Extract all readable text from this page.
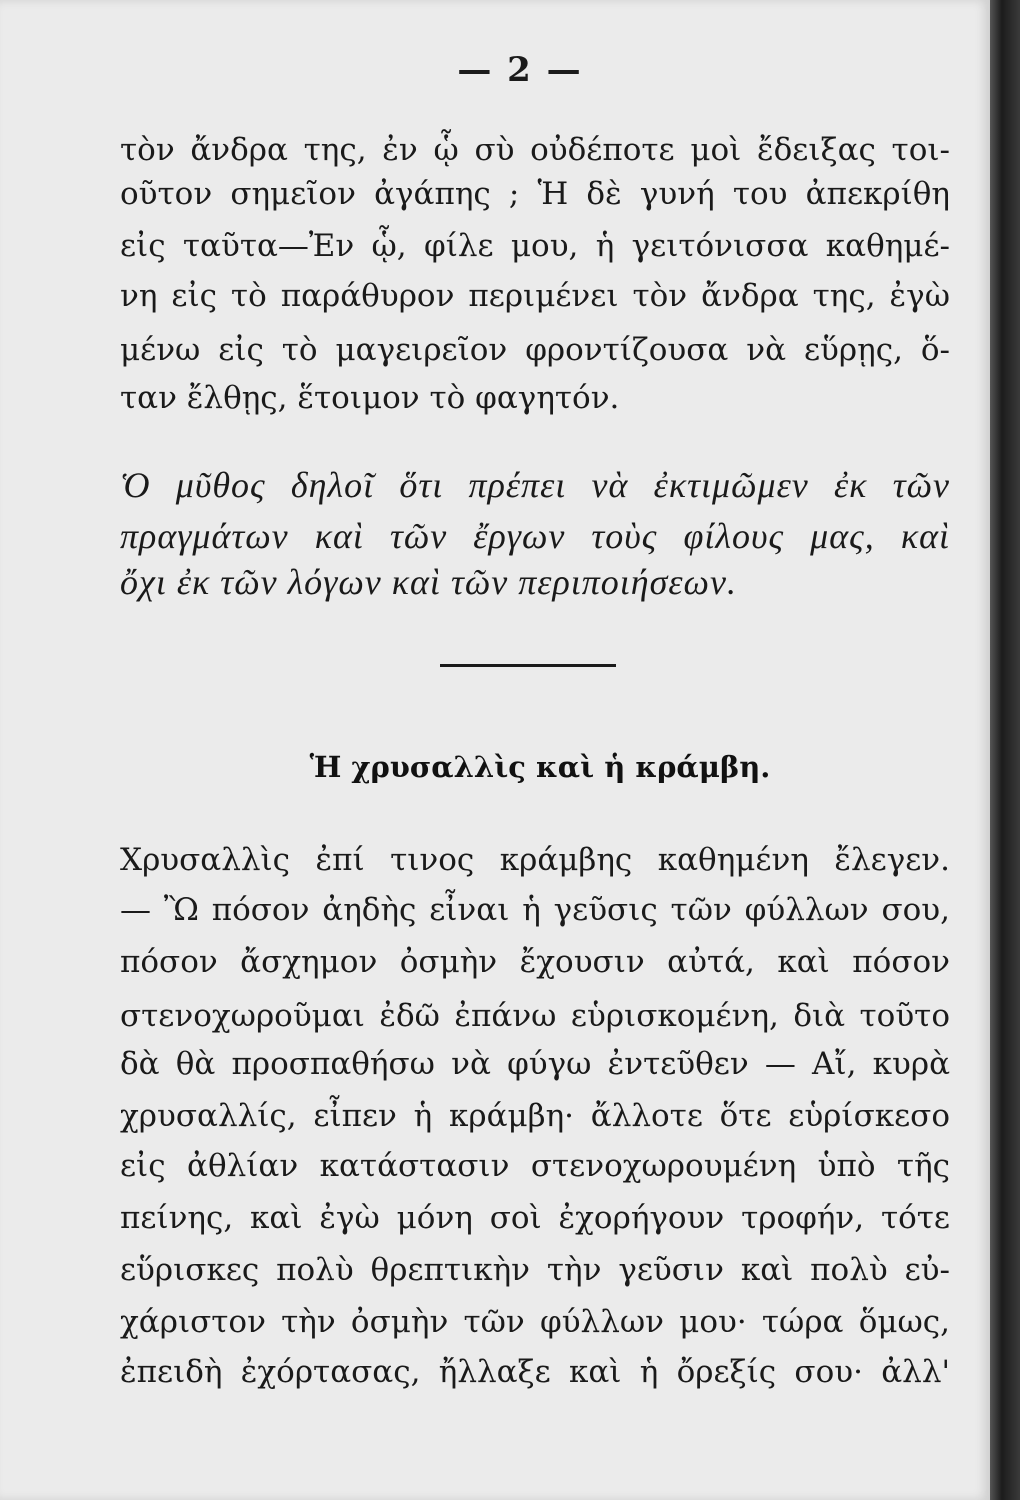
— 2 —
τὸν ἄνδρα της, ἐν ᾧ σὺ οὐδέποτε μοὶ ἔδειξας τοι-
οῦτον σημεῖον ἀγάπης ; Ἡ δὲ γυνή του ἀπεκρίθη
εἰς ταῦτα—Ἐν ᾧ, φίλε μου, ἡ γειτόνισσα καθημέ-
νη εἰς τὸ παράθυρον περιμένει τὸν ἄνδρα της, ἐγὼ
μένω εἰς τὸ μαγειρεῖον φροντίζουσα νὰ εὕρῃς, ὅ-
ταν ἔλθῃς, ἕτοιμον τὸ φαγητόν.
Ὁ μῦθος δηλοῖ ὅτι πρέπει νὰ ἐκτιμῶμεν ἐκ τῶν
πραγμάτων καὶ τῶν ἔργων τοὺς φίλους μας, καὶ
ὄχι ἐκ τῶν λόγων καὶ τῶν περιποιήσεων.
Ἡ χρυσαλλὶς καὶ ἡ κράμβη.
Χρυσαλλὶς ἐπί τινος κράμβης καθημένη ἔλεγεν.
— Ὢ πόσον ἀηδὴς εἶναι ἡ γεῦσις τῶν φύλλων σου,
πόσον ἄσχημον ὀσμὴν ἔχουσιν αὐτά, καὶ πόσον
στενοχωροῦμαι ἐδῶ ἐπάνω εὑρισκομένη, διὰ τοῦτο
δὰ θὰ προσπαθήσω νὰ φύγω ἐντεῦθεν — Αἴ, κυρὰ
χρυσαλλίς, εἶπεν ἡ κράμβη· ἄλλοτε ὅτε εὑρίσκεσο
εἰς ἀθλίαν κατάστασιν στενοχωρουμένη ὑπὸ τῆς
πείνης, καὶ ἐγὼ μόνη σοὶ ἐχορήγουν τροφήν, τότε
εὕρισκες πολὺ θρεπτικὴν τὴν γεῦσιν καὶ πολὺ εὐ-
χάριστον τὴν ὀσμὴν τῶν φύλλων μου· τώρα ὅμως,
ἐπειδὴ ἐχόρτασας, ἤλλαξε καὶ ἡ ὄρεξίς σου· ἀλλ'
